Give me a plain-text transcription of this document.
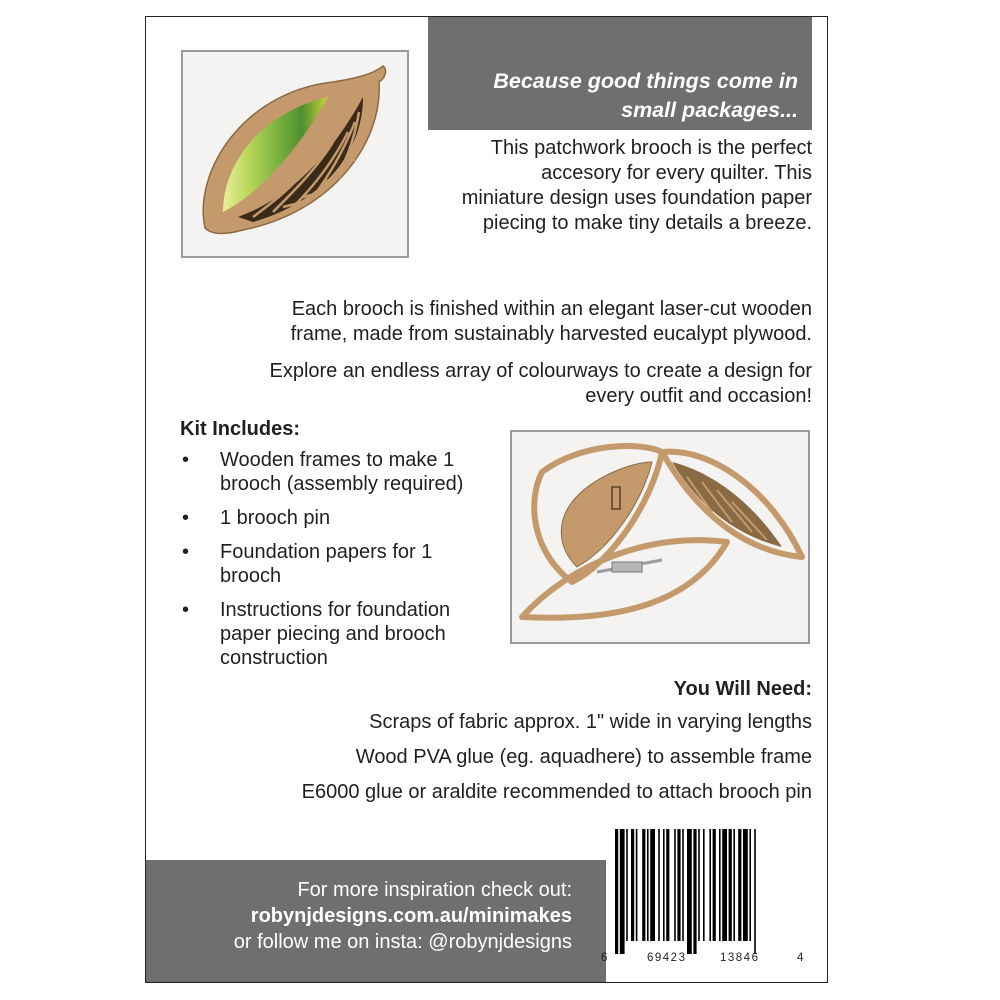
Because good things come in
small packages...
This patchwork brooch is the perfect
accesory for every quilter. This
miniature design uses foundation paper
piecing to make tiny details a breeze.
Each brooch is finished within an elegant laser-cut wooden
frame, made from sustainably harvested eucalypt plywood.
Explore an endless array of colourways to create a design for
every outfit and occasion!
Kit Includes:
• Wooden frames to make 1
brooch (assembly required)
• 1 brooch pin
• Foundation papers for 1
brooch
• Instructions for foundation
paper piecing and brooch
construction
You Will Need:
Scraps of fabric approx. 1" wide in varying lengths
Wood PVA glue (eg. aquadhere) to assemble frame
E6000 glue or araldite recommended to attach brooch pin
For more inspiration check out:
robynjdesigns.com.au/minimakes
or follow me on insta: @robynjdesigns
6	69423	13846	4
